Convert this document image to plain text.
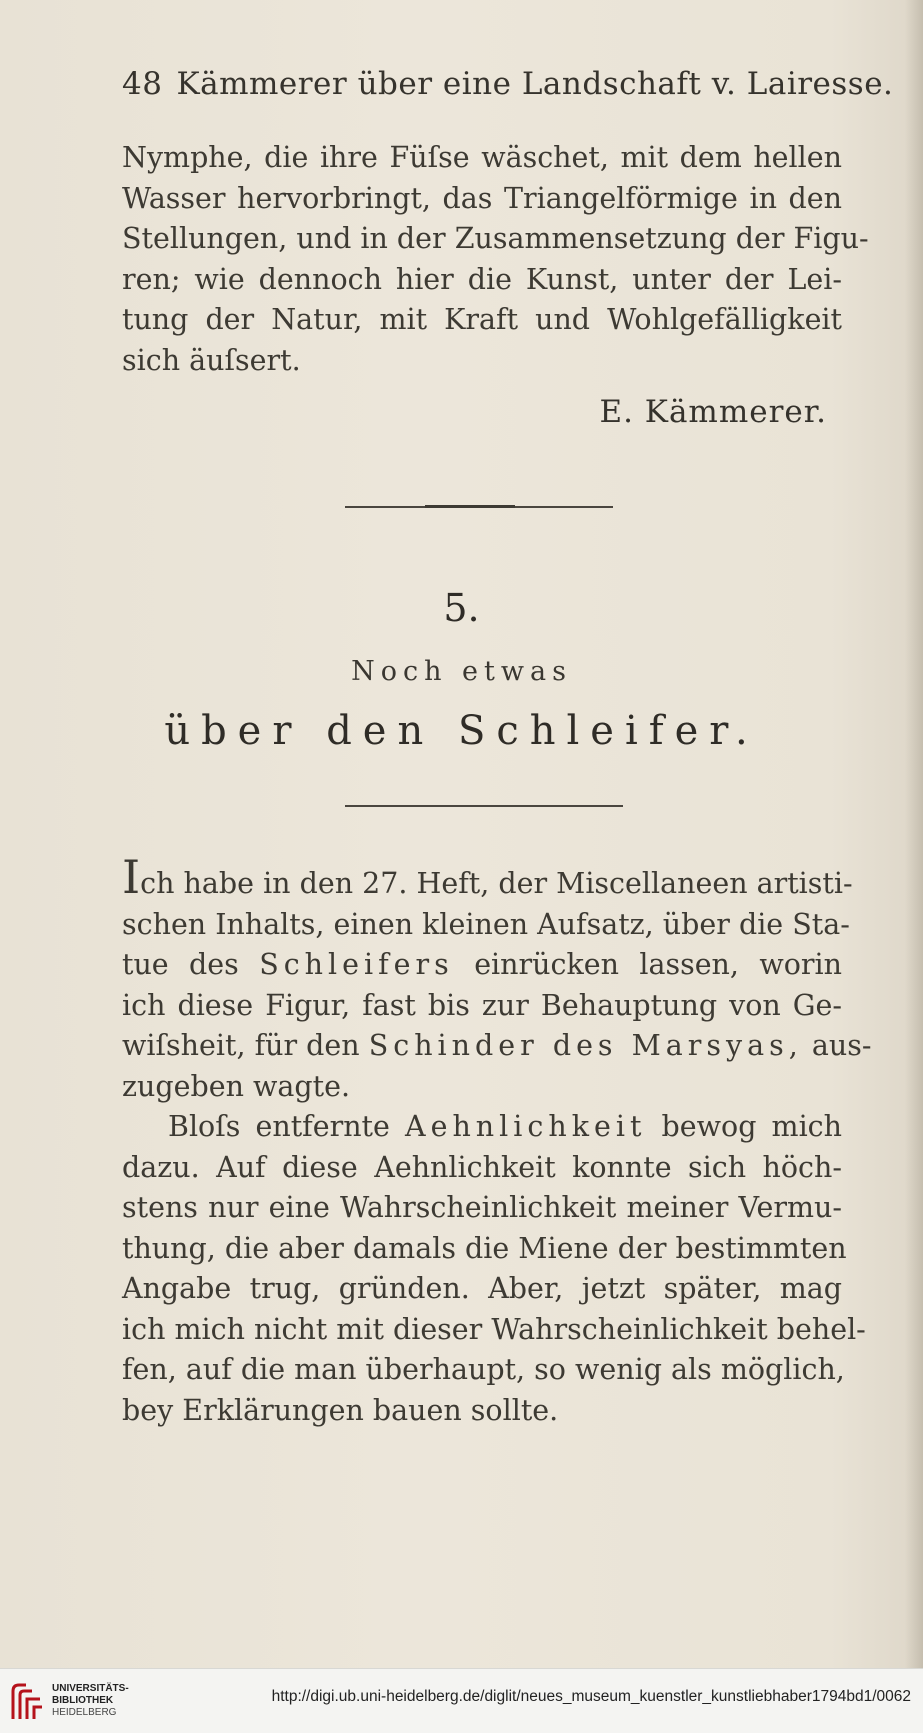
48 Kämmerer über eine Landschaft v. Lairesse.
Nymphe, die ihre Füſse wäschet, mit dem hellen
Wasser hervorbringt, das Triangelförmige in den
Stellungen, und in der Zusammensetzung der Figu-
ren; wie dennoch hier die Kunst, unter der Lei-
tung der Natur, mit Kraft und Wohlgefälligkeit
sich äuſsert.
E. Kämmerer.
5.
Noch etwas
über den Schleifer.
Ich habe in den 27. Heft, der Miscellaneen artisti-
schen Inhalts, einen kleinen Aufsatz, über die Sta-
tue des Schleifers einrücken lassen, worin
ich diese Figur, fast bis zur Behauptung von Ge-
wiſsheit, für den Schinder des Marsyas, aus-
zugeben wagte.
Bloſs entfernte Aehnlichkeit bewog mich
dazu. Auf diese Aehnlichkeit konnte sich höch-
stens nur eine Wahrscheinlichkeit meiner Vermu-
thung, die aber damals die Miene der bestimmten
Angabe trug, gründen. Aber, jetzt später, mag
ich mich nicht mit dieser Wahrscheinlichkeit behel-
fen, auf die man überhaupt, so wenig als möglich,
bey Erklärungen bauen sollte.
UNIVERSITÄTS-
BIBLIOTHEK
HEIDELBERG
http://digi.ub.uni-heidelberg.de/diglit/neues_museum_kuenstler_kunstliebhaber1794bd1/0062
